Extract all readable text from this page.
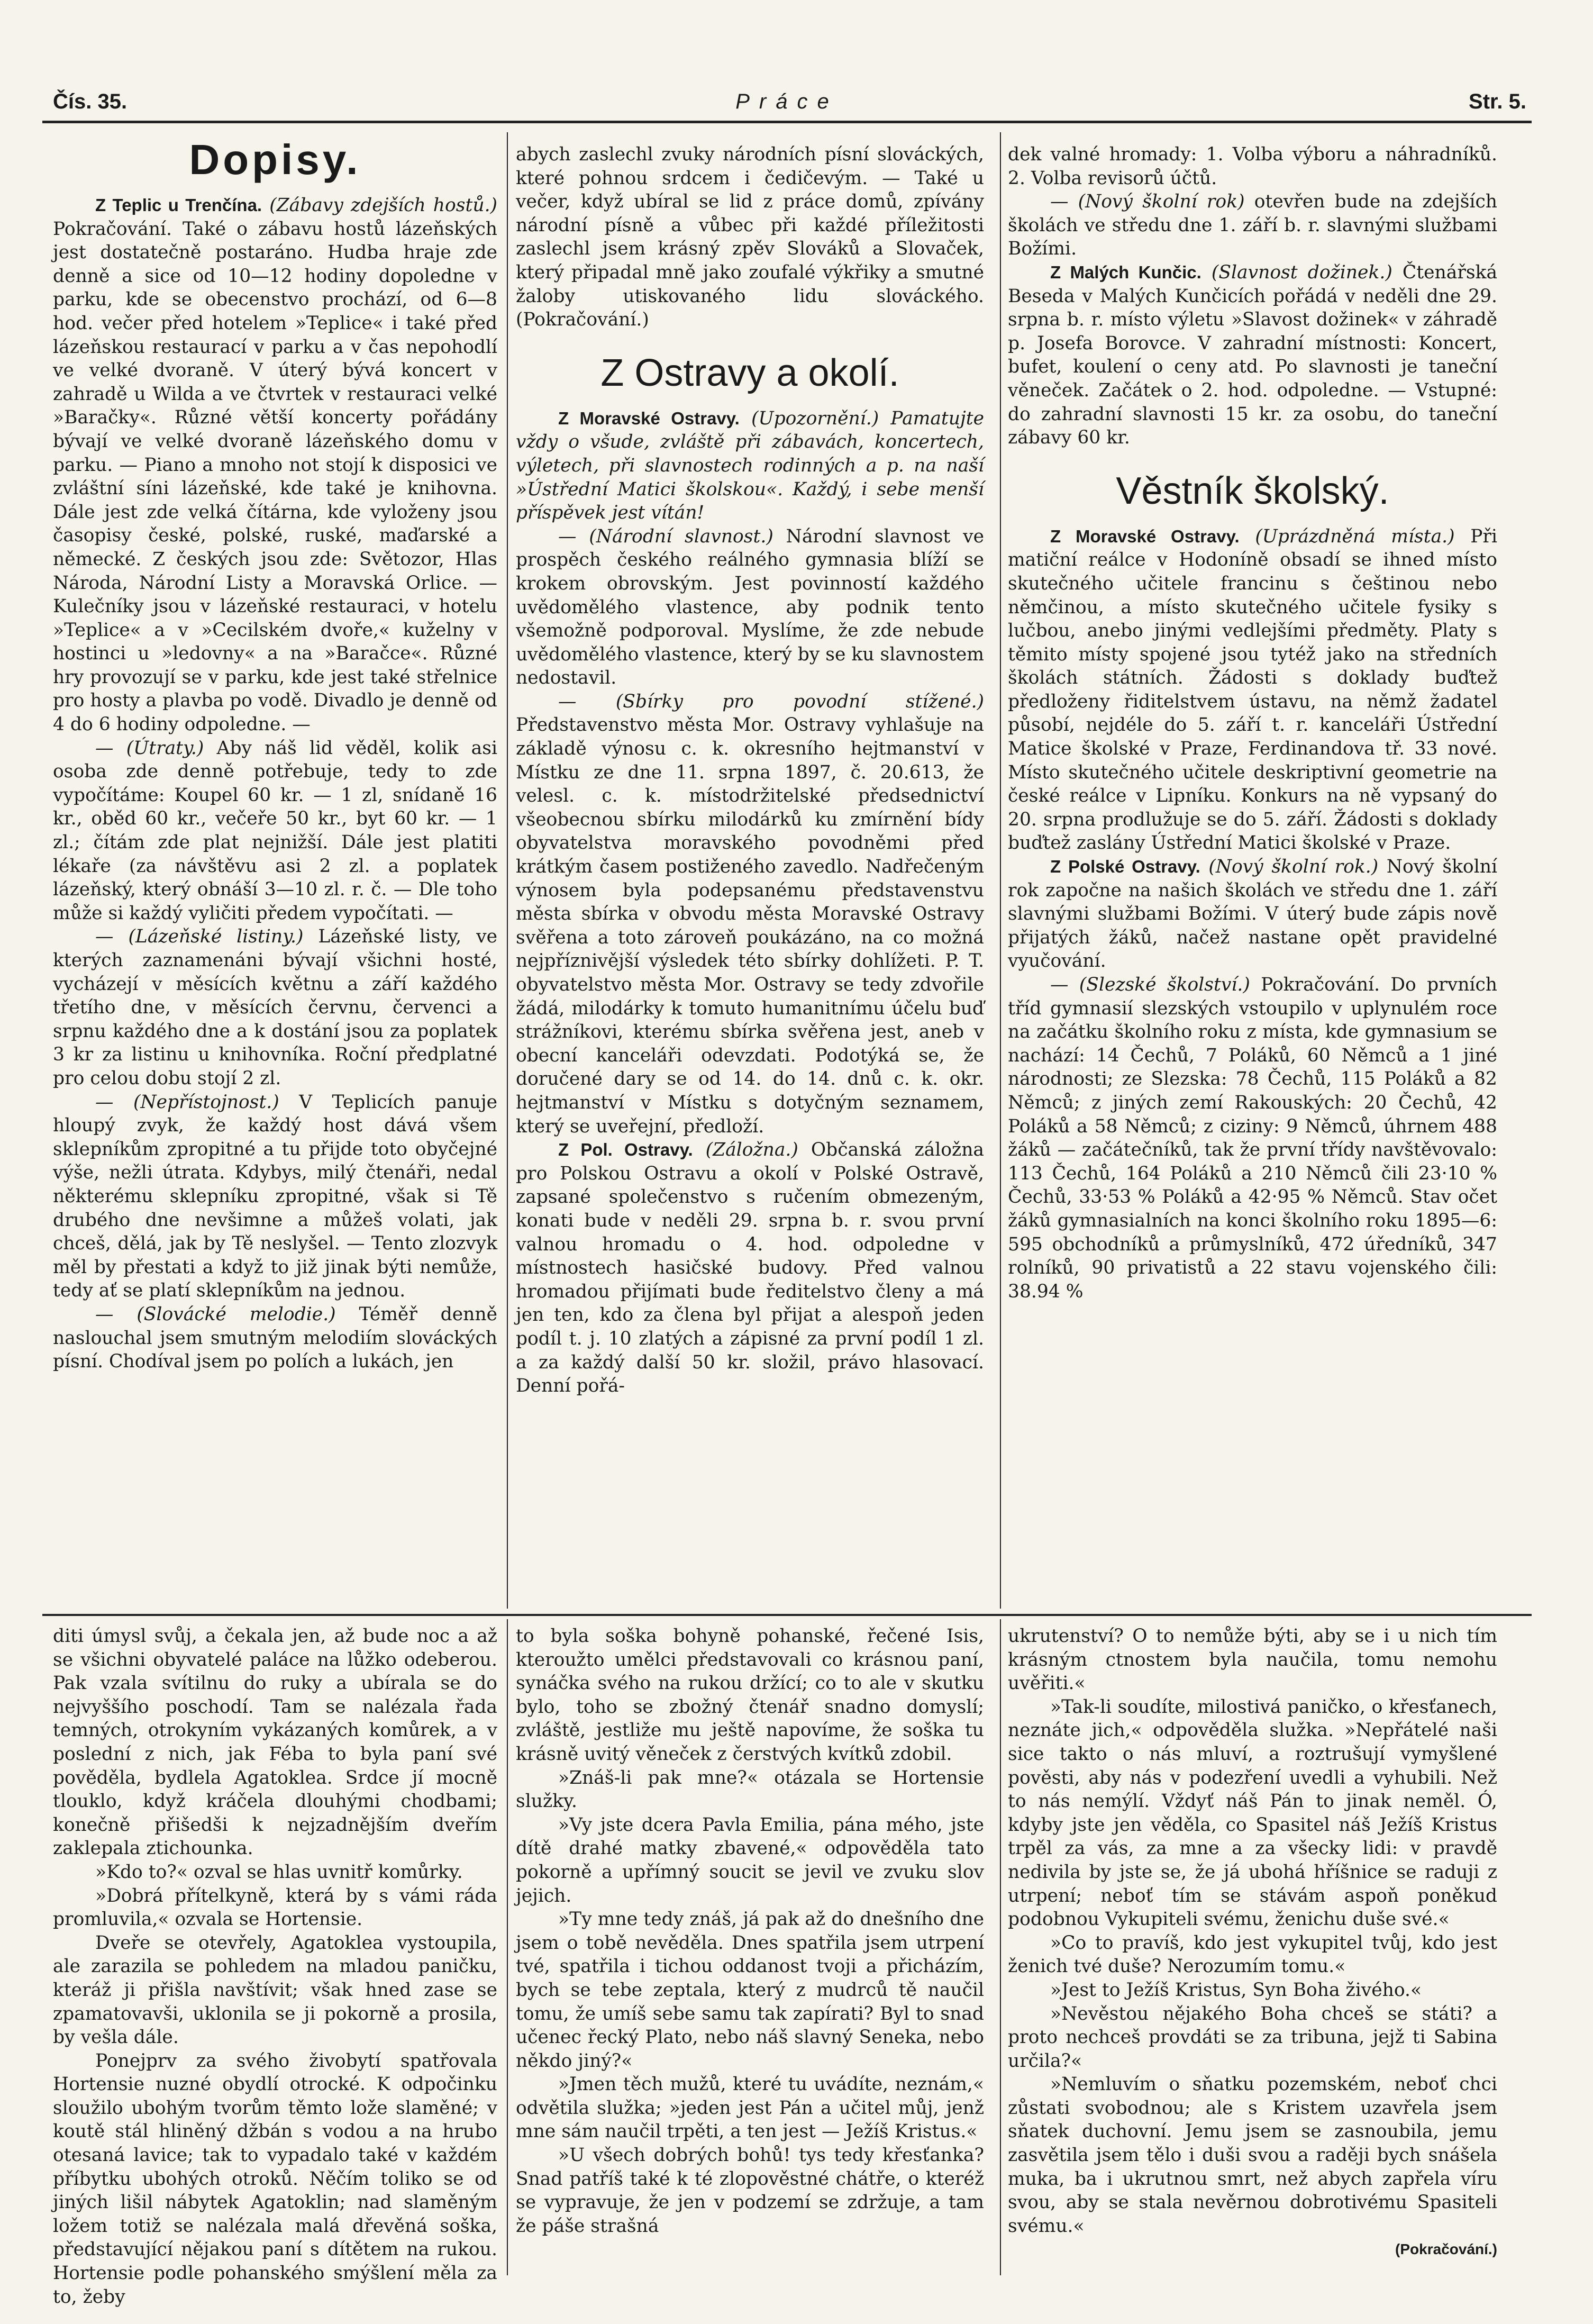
Čís. 35.	Práce	Str. 5.
Dopisy.

Z Teplic u Trenčína. (Zábavy zdejších hostů.) Pokračování. Také o zábavu hostů lázeňských jest dostatečně postaráno. Hudba hraje zde denně a sice od 10—12 hodiny dopoledne v parku, kde se obecenstvo prochází, od 6—8 hod. večer před hotelem »Teplice« i také před lázeňskou restaurací v parku a v čas nepohodlí ve velké dvoraně. V úterý bývá koncert v zahradě u Wilda a ve čtvrtek v restauraci velké »Baračky«. Různé větší koncerty pořádány bývají ve velké dvoraně lázeňského domu v parku. — Piano a mnoho not stojí k disposici ve zvláštní síni lázeňské, kde také je knihovna. Dále jest zde velká čítárna, kde vyloženy jsou časopisy české, polské, ruské, maďarské a německé. Z českých jsou zde: Světozor, Hlas Národa, Národní Listy a Moravská Orlice. — Kulečníky jsou v lázeňské restauraci, v hotelu »Teplice« a v »Cecilském dvoře,« kuželny v hostinci u »ledovny« a na »Baračce«. Různé hry provozují se v parku, kde jest také střelnice pro hosty a plavba po vodě. Divadlo je denně od 4 do 6 hodiny odpoledne. —

— (Útraty.) Aby náš lid věděl, kolik asi osoba zde denně potřebuje, tedy to zde vypočítáme: Koupel 60 kr. — 1 zl, snídaně 16 kr., oběd 60 kr., večeře 50 kr., byt 60 kr. — 1 zl.; čítám zde plat nejnižší. Dále jest platiti lékaře (za návštěvu asi 2 zl. a poplatek lázeňský, který obnáší 3—10 zl. r. č. — Dle toho může si každý vyličiti předem vypočítati. —

— (Lázeňské listiny.) Lázeňské listy, ve kterých zaznamenáni bývají všichni hosté, vycházejí v měsících květnu a září každého třetího dne, v měsících červnu, červenci a srpnu každého dne a k dostání jsou za poplatek 3 kr za listinu u knihovníka. Roční předplatné pro celou dobu stojí 2 zl.

— (Nepřístojnost.) V Teplicích panuje hloupý zvyk, že každý host dává všem sklepníkům zpropitné a tu přijde toto obyčejné výše, nežli útrata. Kdybys, milý čtenáři, nedal některému sklepníku zpropitné, však si Tě drubého dne nevšimne a můžeš volati, jak chceš, dělá, jak by Tě neslyšel. — Tento zlozvyk měl by přestati a když to již jinak býti nemůže, tedy ať se platí sklepníkům na jednou.

— (Slovácké melodie.) Téměř denně naslouchal jsem smutným melodiím slováckých písní. Chodíval jsem po polích a lukách, jen

abych zaslechl zvuky národních písní slováckých, které pohnou srdcem i čedičevým. — Také u večer, když ubíral se lid z práce domů, zpívány národní písně a vůbec při každé příležitosti zaslechl jsem krásný zpěv Slováků a Slovaček, který připadal mně jako zoufalé výkřiky a smutné žaloby utiskovaného lidu slováckého. (Pokračování.)

Z Ostravy a okolí.

Z Moravské Ostravy. (Upozornění.) Pamatujte vždy o všude, zvláště při zábavách, koncertech, výletech, při slavnostech rodinných a p. na naší »Ústřední Matici školskou«. Každý, i sebe menší příspěvek jest vítán!

— (Národní slavnost.) Národní slavnost ve prospěch českého reálného gymnasia blíží se krokem obrovským. Jest povinností každého uvědomělého vlastence, aby podnik tento všemožně podporoval. Myslíme, že zde nebude uvědomělého vlastence, který by se ku slavnostem nedostavil.

— (Sbírky pro povodní stížené.) Představenstvo města Mor. Ostravy vyhlašuje na základě výnosu c. k. okresního hejtmanství v Místku ze dne 11. srpna 1897, č. 20.613, že velesl. c. k. místodržitelské předsednictví všeobecnou sbírku milodárků ku zmírnění bídy obyvatelstva moravského povodněmi před krátkým časem postiženého zavedlo. Nadřečeným výnosem byla podepsanému představenstvu města sbírka v obvodu města Moravské Ostravy svěřena a toto zároveň poukázáno, na co možná nejpříznivější výsledek této sbírky dohlížeti. P. T. obyvatelstvo města Mor. Ostravy se tedy zdvořile žádá, milodárky k tomuto humanitnímu účelu buď strážníkovi, kterému sbírka svěřena jest, aneb v obecní kanceláři odevzdati. Podotýká se, že doručené dary se od 14. do 14. dnů c. k. okr. hejtmanství v Místku s dotyčným seznamem, který se uveřejní, předloží.

Z Pol. Ostravy. (Záložna.) Občanská záložna pro Polskou Ostravu a okolí v Polské Ostravě, zapsané společenstvo s ručením obmezeným, konati bude v neděli 29. srpna b. r. svou první valnou hromadu o 4. hod. odpoledne v místnostech hasičské budovy. Před valnou hromadou přijímati bude ředitelstvo členy a má jen ten, kdo za člena byl přijat a alespoň jeden podíl t. j. 10 zlatých a zápisné za první podíl 1 zl. a za každý další 50 kr. složil, právo hlasovací. Denní pořá-

dek valné hromady: 1. Volba výboru a náhradníků. 2. Volba revisorů účtů.

— (Nový školní rok) otevřen bude na zdejších školách ve středu dne 1. září b. r. slavnými službami Božími.

Z Malých Kunčic. (Slavnost dožinek.) Čtenářská Beseda v Malých Kunčicích pořádá v neděli dne 29. srpna b. r. místo výletu »Slavost dožinek« v záhradě p. Josefa Borovce. V zahradní místnosti: Koncert, bufet, koulení o ceny atd. Po slavnosti je taneční věneček. Začátek o 2. hod. odpoledne. — Vstupné: do zahradní slavnosti 15 kr. za osobu, do taneční zábavy 60 kr.

Věstník školský.

Z Moravské Ostravy. (Uprázdněná místa.) Při matiční reálce v Hodoníně obsadí se ihned místo skutečného učitele francinu s češtinou nebo němčinou, a místo skutečného učitele fysiky s lučbou, anebo jinými vedlejšími předměty. Platy s těmito místy spojené jsou tytéž jako na středních školách státních. Žádosti s doklady buďtež předloženy řiditelstvem ústavu, na němž žadatel působí, nejdéle do 5. září t. r. kanceláři Ústřední Matice školské v Praze, Ferdinandova tř. 33 nové. Místo skutečného učitele deskriptivní geometrie na české reálce v Lipníku. Konkurs na ně vypsaný do 20. srpna prodlužuje se do 5. září. Žádosti s doklady buďtež zaslány Ústřední Matici školské v Praze.

Z Polské Ostravy. (Nový školní rok.) Nový školní rok započne na našich školách ve středu dne 1. září slavnými službami Božími. V úterý bude zápis nově přijatých žáků, načež nastane opět pravidelné vyučování.

— (Slezské školství.) Pokračování. Do prvních tříd gymnasií slezských vstoupilo v uplynulém roce na začátku školního roku z místa, kde gymnasium se nachází: 14 Čechů, 7 Poláků, 60 Němců a 1 jiné národnosti; ze Slezska: 78 Čechů, 115 Poláků a 82 Němců; z jiných zemí Rakouských: 20 Čechů, 42 Poláků a 58 Němců; z ciziny: 9 Němců, úhrnem 488 žáků — začátečníků, tak že první třídy navštěvovalo: 113 Čechů, 164 Poláků a 210 Němců čili 23·10 % Čechů, 33·53 % Poláků a 42·95 % Němců. Stav očet žáků gymnasialních na konci školního roku 1895—6: 595 obchodníků a průmyslníků, 472 úředníků, 347 rolníků, 90 privatistů a 22 stavu vojenského čili: 38.94 %

diti úmysl svůj, a čekala jen, až bude noc a až se všichni obyvatelé paláce na lůžko odeberou. Pak vzala svítilnu do ruky a ubírala se do nejvyššího poschodí. Tam se nalézala řada temných, otrokyním vykázaných komůrek, a v poslední z nich, jak Féba to byla paní své pověděla, bydlela Agatoklea. Srdce jí mocně tlouklo, když kráčela dlouhými chodbami; konečně přišedši k nejzadnějším dveřím zaklepala ztichounka.

»Kdo to?« ozval se hlas uvnitř komůrky.

»Dobrá přítelkyně, která by s vámi ráda promluvila,« ozvala se Hortensie.

Dveře se otevřely, Agatoklea vystoupila, ale zarazila se pohledem na mladou paničku, kteráž ji přišla navštívit; však hned zase se zpamatovavši, uklonila se ji pokorně a prosila, by vešla dále.

Ponejprv za svého živobytí spatřovala Hortensie nuzné obydlí otrocké. K odpočinku sloužilo ubohým tvorům těmto lože slaměné; v koutě stál hliněný džbán s vodou a na hrubo otesaná lavice; tak to vypadalo také v každém příbytku ubohých otroků. Něčím toliko se od jiných lišil nábytek Agatoklin; nad slaměným ložem totiž se nalézala malá dřevěná soška, představující nějakou paní s dítětem na rukou. Hortensie podle pohanského smýšlení měla za to, žeby

to byla soška bohyně pohanské, řečené Isis, kteroužto umělci představovali co krásnou paní, synáčka svého na rukou držící; co to ale v skutku bylo, toho se zbožný čtenář snadno domyslí; zvláště, jestliže mu ještě napovíme, že soška tu krásně uvitý věneček z čerstvých kvítků zdobil.

»Znáš-li pak mne?« otázala se Hortensie služky.

»Vy jste dcera Pavla Emilia, pána mého, jste dítě drahé matky zbavené,« odpověděla tato pokorně a upřímný soucit se jevil ve zvuku slov jejich.

»Ty mne tedy znáš, já pak až do dnešního dne jsem o tobě nevěděla. Dnes spatřila jsem utrpení tvé, spatřila i tichou oddanost tvoji a přicházím, bych se tebe zeptala, který z mudrců tě naučil tomu, že umíš sebe samu tak zapírati? Byl to snad učenec řecký Plato, nebo náš slavný Seneka, nebo někdo jiný?«

»Jmen těch mužů, které tu uvádíte, neznám,« odvětila služka; »jeden jest Pán a učitel můj, jenž mne sám naučil trpěti, a ten jest — Ježíš Kristus.«

»U všech dobrých bohů! tys tedy křesťanka? Snad patříš také k té zlopověstné chátře, o kteréž se vypravuje, že jen v podzemí se zdržuje, a tam že páše strašná

ukrutenství? O to nemůže býti, aby se i u nich tím krásným ctnostem byla naučila, tomu nemohu uvěřiti.«

»Tak-li soudíte, milostivá paničko, o křesťanech, neznáte jich,« odpověděla služka. »Nepřátelé naši sice takto o nás mluví, a roztrušují vymyšlené pověsti, aby nás v podezření uvedli a vyhubili. Než to nás nemýlí. Vždyť náš Pán to jinak neměl. Ó, kdyby jste jen věděla, co Spasitel náš Ježíš Kristus trpěl za vás, za mne a za všecky lidi: v pravdě nedivila by jste se, že já ubohá hříšnice se raduji z utrpení; neboť tím se stávám aspoň poněkud podobnou Vykupiteli svému, ženichu duše své.«

»Co to pravíš, kdo jest vykupitel tvůj, kdo jest ženich tvé duše? Nerozumím tomu.«

»Jest to Ježíš Kristus, Syn Boha živého.«

»Nevěstou nějakého Boha chceš se státi? a proto nechceš provdáti se za tribuna, jejž ti Sabina určila?«

»Nemluvím o sňatku pozemském, neboť chci zůstati svobodnou; ale s Kristem uzavřela jsem sňatek duchovní. Jemu jsem se zasnoubila, jemu zasvětila jsem tělo i duši svou a raději bych snášela muka, ba i ukrutnou smrt, než abych zapřela víru svou, aby se stala nevěrnou dobrotivému Spasiteli svému.«

(Pokračování.)
